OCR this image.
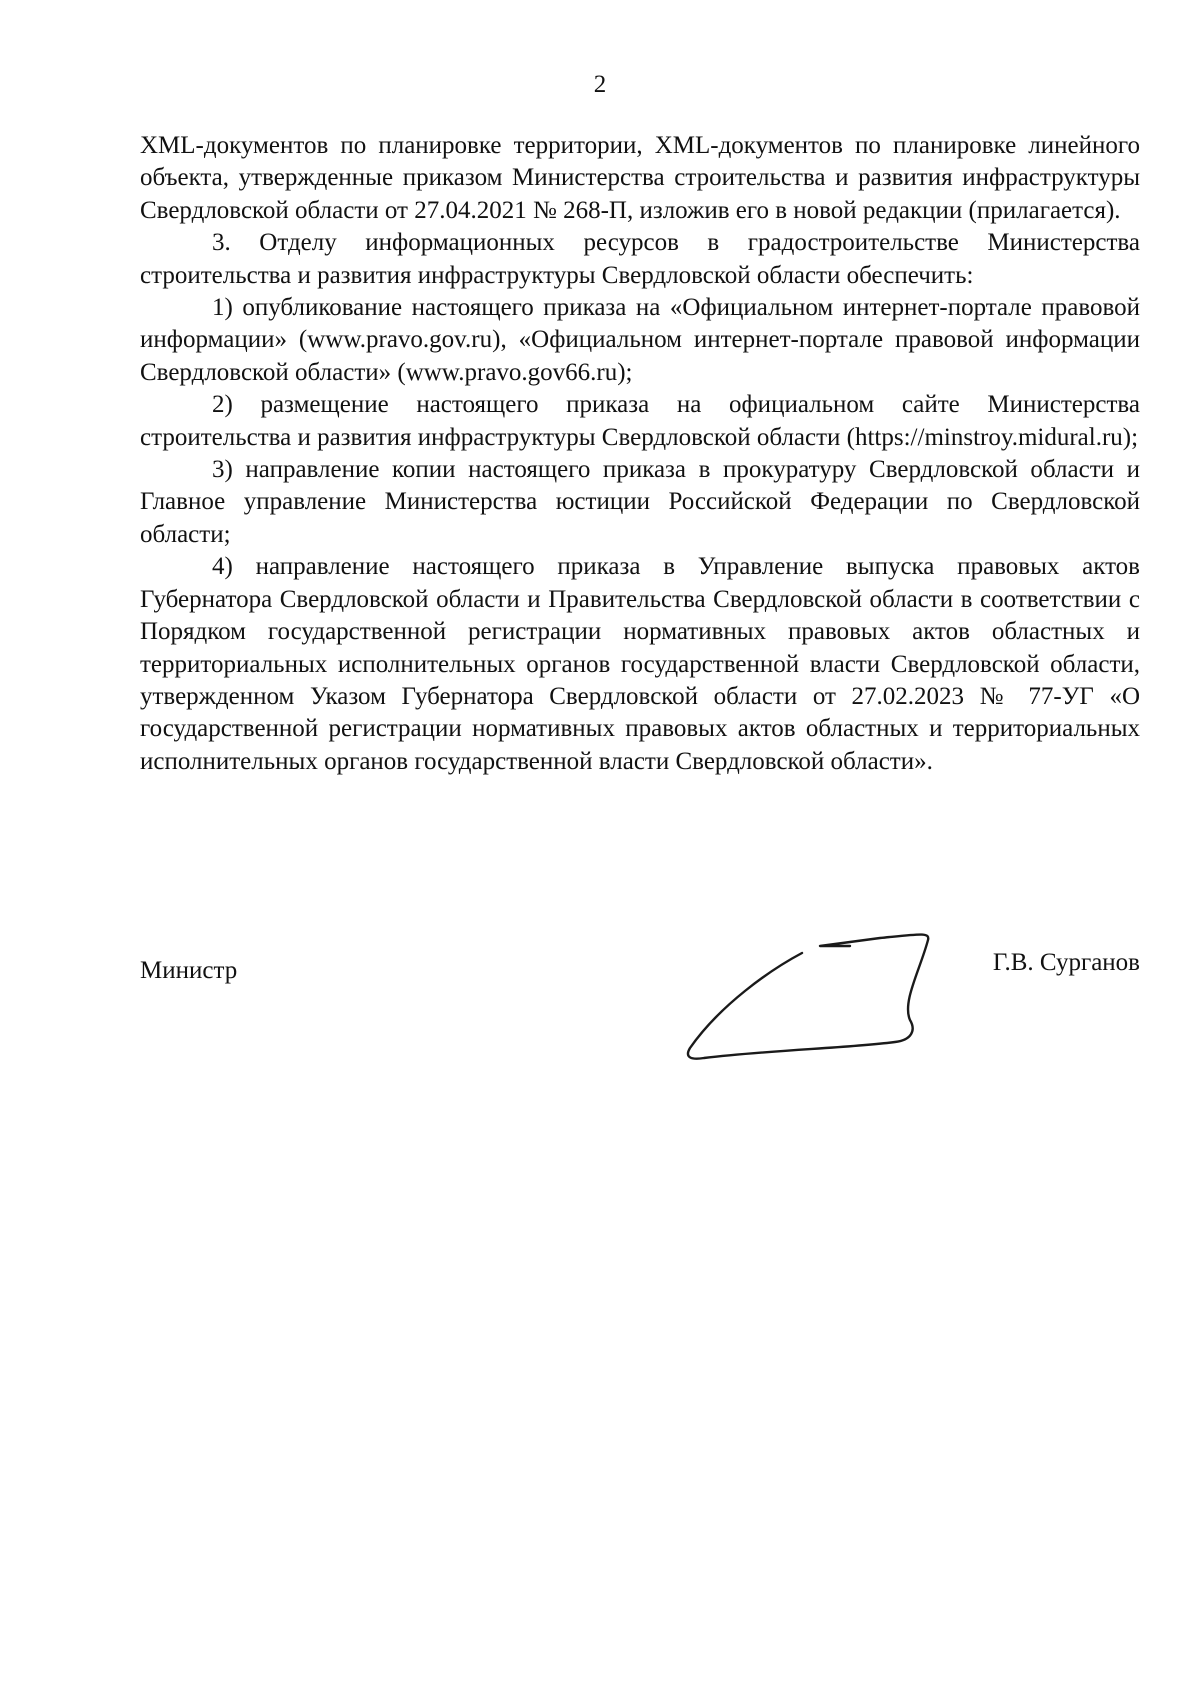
2

XML-документов по планировке территории, XML-документов по планировке линейного объекта, утвержденные приказом Министерства строительства и развития инфраструктуры Свердловской области от 27.04.2021 № 268-П, изложив его в новой редакции (прилагается).

3. Отделу информационных ресурсов в градостроительстве Министерства строительства и развития инфраструктуры Свердловской области обеспечить:

1) опубликование настоящего приказа на «Официальном интернет-портале правовой информации» (www.pravo.gov.ru), «Официальном интернет-портале правовой информации Свердловской области» (www.pravo.gov66.ru);

2) размещение настоящего приказа на официальном сайте Министерства строительства и развития инфраструктуры Свердловской области (https://minstroy.midural.ru);

3) направление копии настоящего приказа в прокуратуру Свердловской области и Главное управление Министерства юстиции Российской Федерации по Свердловской области;

4) направление настоящего приказа в Управление выпуска правовых актов Губернатора Свердловской области и Правительства Свердловской области в соответствии с Порядком государственной регистрации нормативных правовых актов областных и территориальных исполнительных органов государственной власти Свердловской области, утвержденном Указом Губернатора Свердловской области от 27.02.2023 № 77-УГ «О государственной регистрации нормативных правовых актов областных и территориальных исполнительных органов государственной власти Свердловской области».

Министр	Г.В. Сурганов
